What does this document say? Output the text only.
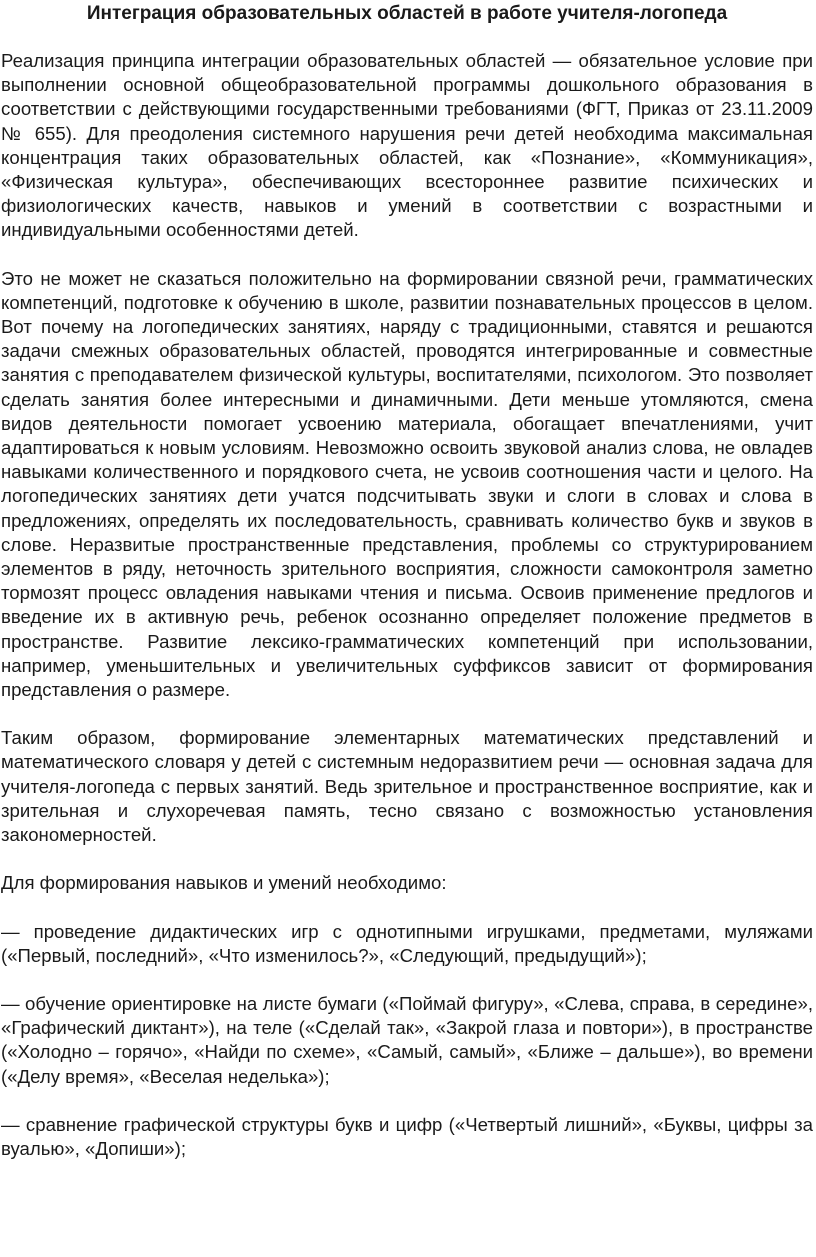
Интеграция образовательных областей в работе учителя-логопеда

Реализация принципа интеграции образовательных областей — обязательное условие при выполнении основной общеобразовательной программы дошкольного образования в соответствии с действующими государственными требованиями (ФГТ, Приказ от 23.11.2009 № 655). Для преодоления системного нарушения речи детей необходима максимальная концентрация таких образовательных областей, как «Познание», «Коммуникация», «Физическая культура», обеспечивающих всестороннее развитие психических и физиологических качеств, навыков и умений в соответствии с возрастными и индивидуальными особенностями детей.

Это не может не сказаться положительно на формировании связной речи, грамматических компетенций, подготовке к обучению в школе, развитии познавательных процессов в целом. Вот почему на логопедических занятиях, наряду с традиционными, ставятся и решаются задачи смежных образовательных областей, проводятся интегрированные и совместные занятия с преподавателем физической культуры, воспитателями, психологом. Это позволяет сделать занятия более интересными и динамичными. Дети меньше утомляются, смена видов деятельности помогает усвоению материала, обогащает впечатлениями, учит адаптироваться к новым условиям. Невозможно освоить звуковой анализ слова, не овладев навыками количественного и порядкового счета, не усвоив соотношения части и целого. На логопедических занятиях дети учатся подсчитывать звуки и слоги в словах и слова в предложениях, определять их последовательность, сравнивать количество букв и звуков в слове. Неразвитые пространственные представления, проблемы со структурированием элементов в ряду, неточность зрительного восприятия, сложности самоконтроля заметно тормозят процесс овладения навыками чтения и письма. Освоив применение предлогов и введение их в активную речь, ребенок осознанно определяет положение предметов в пространстве. Развитие лексико-грамматических компетенций при использовании, например, уменьшительных и увеличительных суффиксов зависит от формирования представления о размере.

Таким образом, формирование элементарных математических представлений и математического словаря у детей с системным недоразвитием речи — основная задача для учителя-логопеда с первых занятий. Ведь зрительное и пространственное восприятие, как и зрительная и слухоречевая память, тесно связано с возможностью установления закономерностей.

Для формирования навыков и умений необходимо:

— проведение дидактических игр с однотипными игрушками, предметами, муляжами («Первый, последний», «Что изменилось?», «Следующий, предыдущий»);

— обучение ориентировке на листе бумаги («Поймай фигуру», «Слева, справа, в середине», «Графический диктант»), на теле («Сделай так», «Закрой глаза и повтори»), в пространстве («Холодно – горячо», «Найди по схеме», «Самый, самый», «Ближе – дальше»), во времени («Делу время», «Веселая неделька»);

— сравнение графической структуры букв и цифр («Четвертый лишний», «Буквы, цифры за вуалью», «Допиши»);
